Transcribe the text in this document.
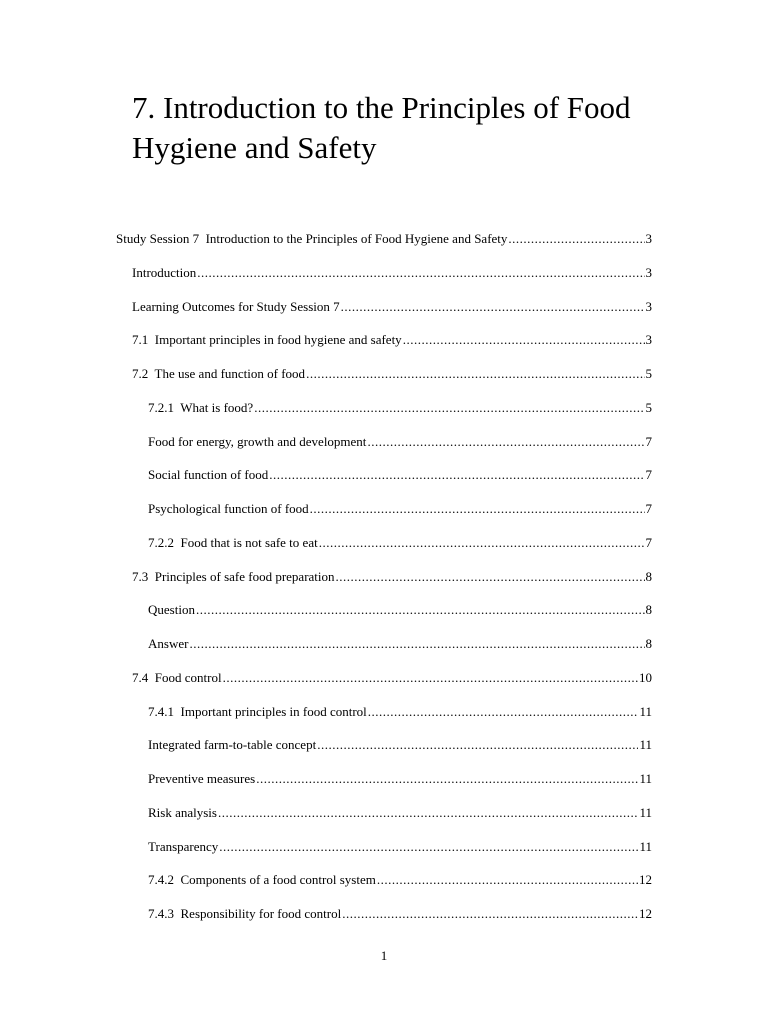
7. Introduction to the Principles of Food Hygiene and Safety
Study Session 7  Introduction to the Principles of Food Hygiene and Safety .....	3
Introduction .....	3
Learning Outcomes for Study Session 7 .....	3
7.1  Important principles in food hygiene and safety .....	3
7.2  The use and function of food .....	5
7.2.1  What is food? .....	5
Food for energy, growth and development .....	7
Social function of food .....	7
Psychological function of food .....	7
7.2.2  Food that is not safe to eat .....	7
7.3  Principles of safe food preparation .....	8
Question .....	8
Answer .....	8
7.4  Food control .....	10
7.4.1  Important principles in food control .....	11
Integrated farm-to-table concept .....	11
Preventive measures .....	11
Risk analysis .....	11
Transparency .....	11
7.4.2  Components of a food control system .....	12
7.4.3  Responsibility for food control .....	12
1
